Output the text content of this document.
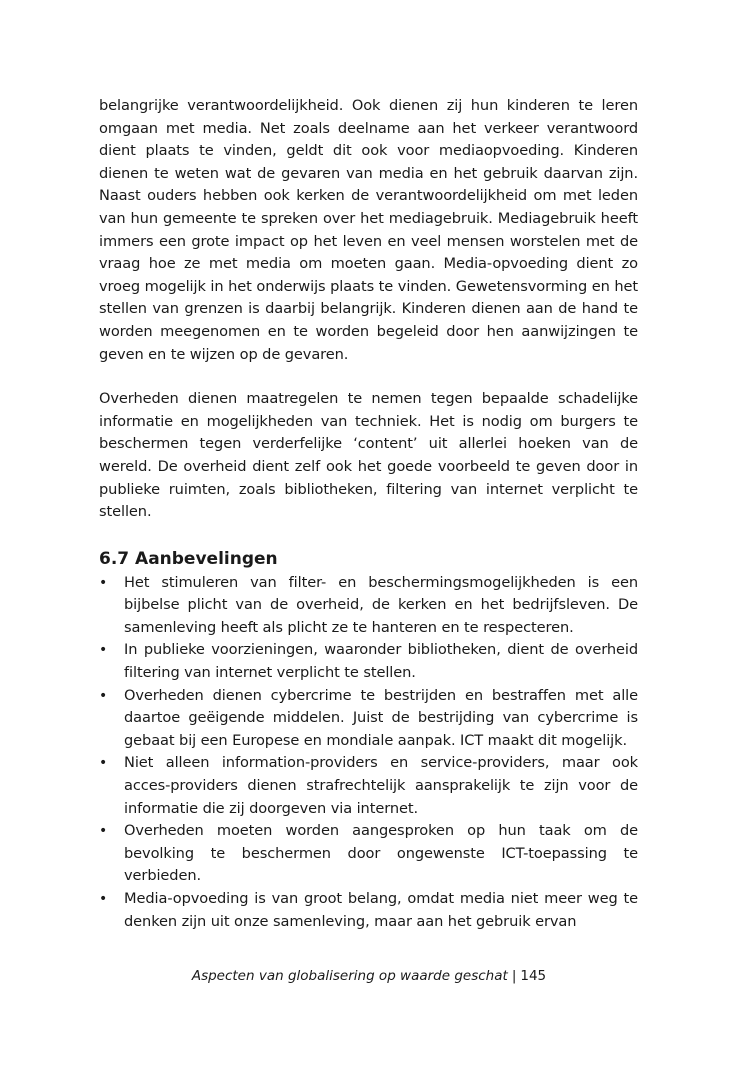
belangrijke verantwoordelijkheid. Ook dienen zij hun kinderen te leren omgaan met media. Net zoals deelname aan het verkeer verantwoord dient plaats te vinden, geldt dit ook voor mediaopvoeding. Kinderen dienen te weten wat de gevaren van media en het gebruik daarvan zijn. Naast ouders hebben ook kerken de verantwoordelijkheid om met leden van hun gemeente te spreken over het mediagebruik. Mediagebruik heeft immers een grote impact op het leven en veel mensen worstelen met de vraag hoe ze met media om moeten gaan. Media-opvoeding dient zo vroeg mogelijk in het onderwijs plaats te vinden. Gewetensvorming en het stellen van grenzen is daarbij belangrijk. Kinderen dienen aan de hand te worden meegenomen en te worden begeleid door hen aanwijzingen te geven en te wijzen op de gevaren.

Overheden dienen maatregelen te nemen tegen bepaalde schadelijke informatie en mogelijkheden van techniek. Het is nodig om burgers te beschermen tegen verderfelijke ‘content’ uit allerlei hoeken van de wereld. De overheid dient zelf ook het goede voorbeeld te geven door in publieke ruimten, zoals bibliotheken, filtering van internet verplicht te stellen.

6.7 Aanbevelingen
• Het stimuleren van filter- en beschermingsmogelijkheden is een bijbelse plicht van de overheid, de kerken en het bedrijfsleven. De samenleving heeft als plicht ze te hanteren en te respecteren.
• In publieke voorzieningen, waaronder bibliotheken, dient de overheid filtering van internet verplicht te stellen.
• Overheden dienen cybercrime te bestrijden en bestraffen met alle daartoe geëigende middelen. Juist de bestrijding van cybercrime is gebaat bij een Europese en mondiale aanpak. ICT maakt dit mogelijk.
• Niet alleen information-providers en service-providers, maar ook acces-providers dienen strafrechtelijk aansprakelijk te zijn voor de informatie die zij doorgeven via internet.
• Overheden moeten worden aangesproken op hun taak om de bevolking te beschermen door ongewenste ICT-toepassing te verbieden.
• Media-opvoeding is van groot belang, omdat media niet meer weg te denken zijn uit onze samenleving, maar aan het gebruik ervan
Aspecten van globalisering op waarde geschat | 145
